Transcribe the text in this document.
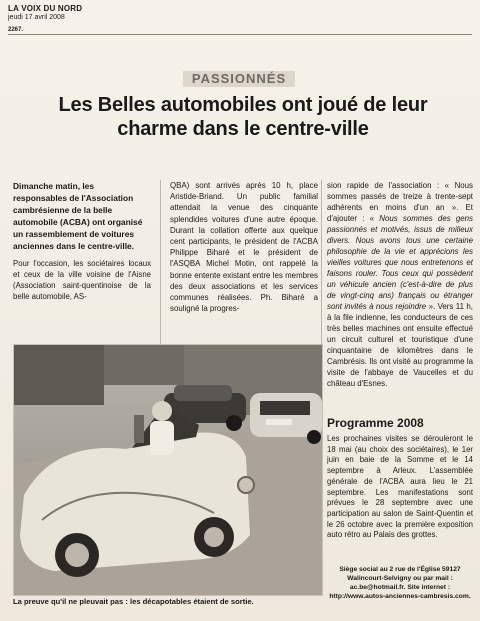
LA VOIX DU NORD
jeudi 17 avril 2008
2267.
PASSIONNÉS
Les Belles automobiles ont joué de leur charme dans le centre-ville
Dimanche matin, les responsables de l'Association cambrésienne de la belle automobile (ACBA) ont organisé un rassemblement de voitures anciennes dans le centre-ville.
Pour l'occasion, les sociétaires locaux et ceux de la ville voisine de l'Aisne (Association saint-quentinoise de la belle automobile, AS-
QBA) sont arrivés après 10 h, place Aristide-Briand. Un public familial attendait la venue des cinquante splendides voitures d'une autre époque. Durant la collation offerte aux quelque cent participants, le président de l'ACBA Philippe Biharé et le président de l'ASQBA Michel Motin, ont rappelé la bonne entente existant entre les membres des deux associations et les services communes réalisées. Ph. Biharé a souligné la progres-
sion rapide de l'association : « Nous sommes passés de treize à trente-sept adhérents en moins d'un an ». Et d'ajouter : « Nous sommes des gens passionnés et motivés, issus de milieux divers. Nous avons tous une certaine philosophie de la vie et apprécions les vieilles voitures que nous entretenons et faisons rouler. Tous ceux qui possèdent un véhicule ancien (c'est-à-dire de plus de vingt-cinq ans) français ou étranger sont invités à nous rejoindre ». Vers 11 h, à la file indienne, les conducteurs de ces très belles machines ont ensuite effectué un circuit culturel et touristique d'une cinquantaine de kilomètres dans le Cambrésis. Ils ont visité au programme la visite de l'abbaye de Vaucelles et du château d'Esnes.
Programme 2008
Les prochaines visites se dérouleront le 18 mai (au choix des sociétaires), le 1er juin en baie de la Somme et le 14 septembre à Arleux. L'assemblée générale de l'ACBA aura lieu le 21 septembre. Les manifestations sont prévues le 28 septembre avec une participation au salon de Saint-Quentin et le 26 octobre avec la première exposition auto rétro au Palais des grottes.
Siège social au 2 rue de l'Église 59127 Walincourt-Selvigny ou par mail : ac.be@hotmail.fr. Site internet : http://www.autos-anciennes-cambresis.com.
La preuve qu'il ne pleuvait pas : les décapotables étaient de sortie.
